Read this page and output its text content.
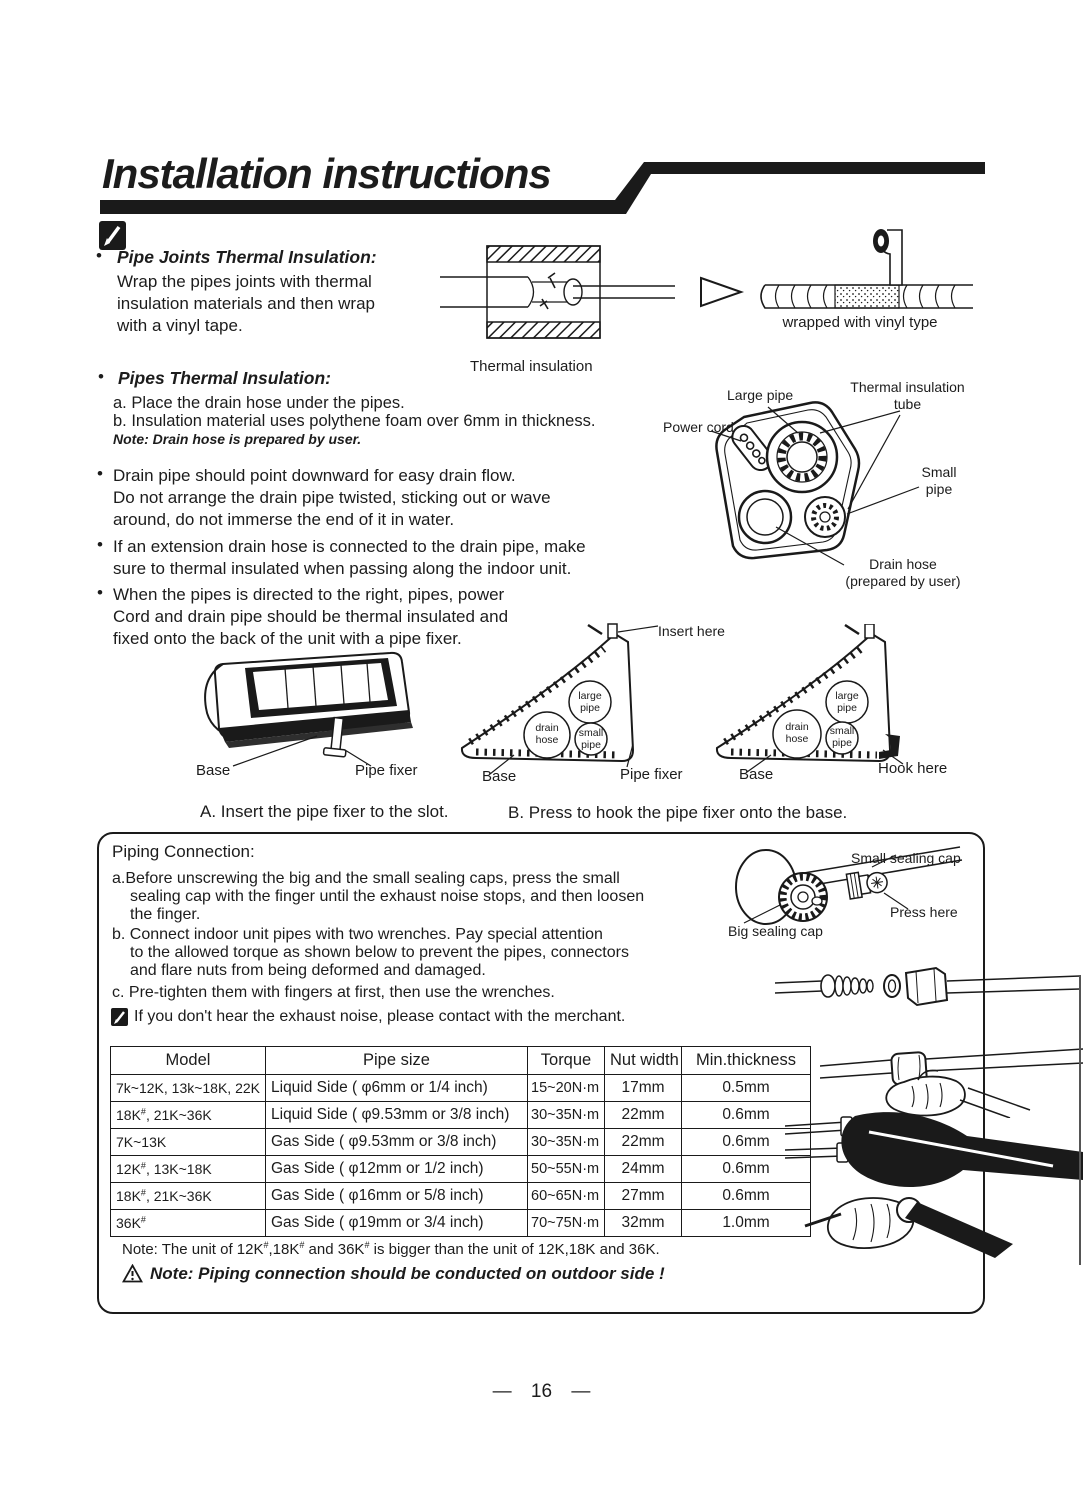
Installation instructions
• Pipe Joints Thermal Insulation:
Wrap the pipes joints with thermal
insulation materials and then wrap
with a vinyl tape.
Thermal insulation
wrapped with vinyl type
• Pipes Thermal Insulation:
a. Place the drain hose under the pipes.
b. Insulation material uses polythene foam over 6mm in thickness.
Note: Drain hose is prepared by user.
Large pipe	Thermal insulation
tube
Power cord
Small
pipe
Drain hose
(prepared by user)
• Drain pipe should point downward for easy drain flow.
Do not arrange the drain pipe twisted, sticking out or wave
around, do not immerse the end of it in water.
• If an extension drain hose is connected to the drain pipe, make
sure to thermal insulated when passing along the indoor unit.
• When the pipes is directed to the right, pipes, power
Cord and drain pipe should be thermal insulated and
fixed onto the back of the unit with a pipe fixer.
Base	Pipe fixer
large
pipe
drain
hose
small
pipe
Insert here
Base	Pipe fixer
large
pipe
drain
hose
small
pipe
Base	Hook here
A. Insert the pipe fixer to the slot.	B. Press to hook the pipe fixer onto the base.
Piping Connection:
a.Before unscrewing the big and the small sealing caps, press the small
sealing cap with the finger until the exhaust noise stops, and then loosen
the finger.
b. Connect indoor unit pipes with two wrenches. Pay special attention
to the allowed torque as shown below to prevent the pipes, connectors
and flare nuts from being deformed and damaged.
c. Pre-tighten them with fingers at first, then use the wrenches.
If you don't hear the exhaust noise, please contact with the merchant.
Small sealing cap
Press here
Big sealing cap
Model	Pipe size	Torque	Nut width	Min.thickness
7k~12K, 13k~18K, 22K	Liquid Side ( φ6mm or 1/4 inch)	15~20N·m	17mm	0.5mm
18K#, 21K~36K	Liquid Side ( φ9.53mm or 3/8 inch)	30~35N·m	22mm	0.6mm
7K~13K	Gas Side ( φ9.53mm or 3/8 inch)	30~35N·m	22mm	0.6mm
12K#, 13K~18K	Gas Side ( φ12mm or 1/2 inch)	50~55N·m	24mm	0.6mm
18K#, 21K~36K	Gas Side ( φ16mm or 5/8 inch)	60~65N·m	27mm	0.6mm
36K#	Gas Side ( φ19mm or 3/4 inch)	70~75N·m	32mm	1.0mm
Note: The unit of 12K#,18K# and 36K# is bigger than the unit of 12K,18K and 36K.
Note: Piping connection should be conducted on outdoor side !
— 16 —
